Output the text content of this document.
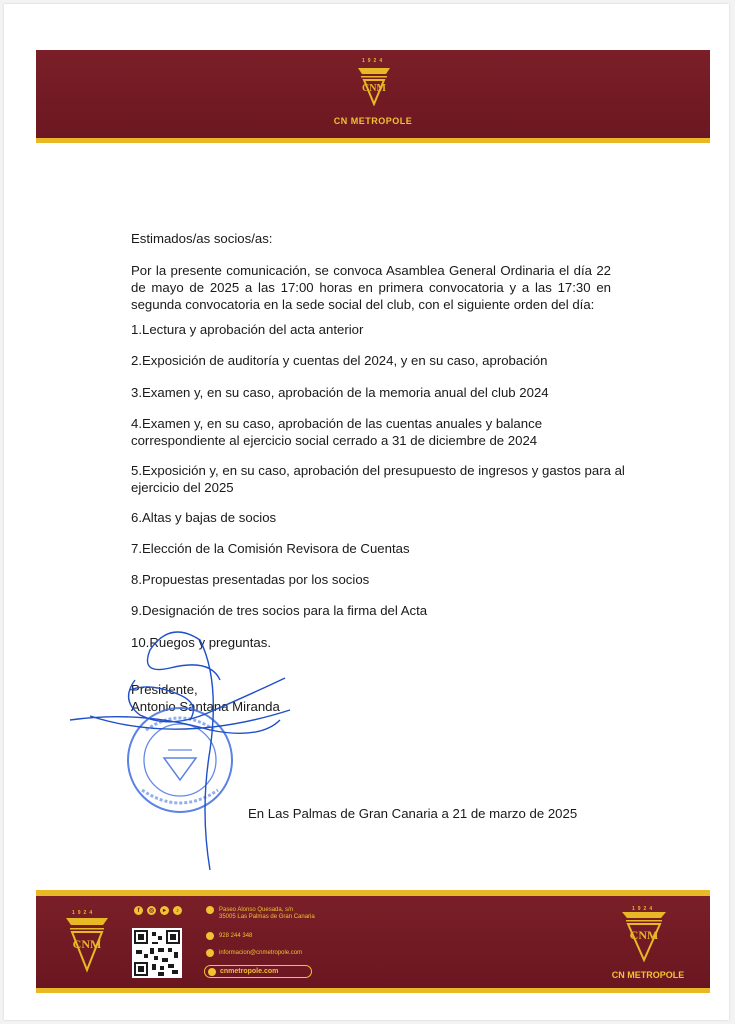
1924
CNM
CN METROPOLE
Estimados/as socios/as:
Por la presente comunicación, se convoca Asamblea General Ordinaria el día 22 de mayo de 2025 a las 17:00 horas en primera convocatoria y a las 17:30 en segunda convocatoria en la sede social del club, con el siguiente orden del día:
1.Lectura y aprobación del acta anterior
2.Exposición de auditoría y cuentas del 2024, y en su caso, aprobación
3.Examen y, en su caso, aprobación de la memoria anual del club 2024
4.Examen y, en su caso, aprobación de las cuentas anuales y balance correspondiente al ejercicio social cerrado a 31 de diciembre de 2024
5.Exposición y, en su caso, aprobación del presupuesto de ingresos y gastos para al ejercicio del 2025
6.Altas y bajas de socios
7.Elección de la Comisión Revisora de Cuentas
8.Propuestas presentadas por los socios
9.Designación de tres socios para la firma del Acta
10.Ruegos y preguntas.
Presidente,
Antonio Santana Miranda
En Las Palmas de Gran Canaria a 21 de marzo de 2025
1924
CNM
f	◎	▸	♪	Paseo Alonso Quesada, s/n
35005 Las Palmas de Gran Canaria
928 244 348
informacion@cnmetropole.com
cnmetropole.com
1924
CNM
CN METROPOLE
